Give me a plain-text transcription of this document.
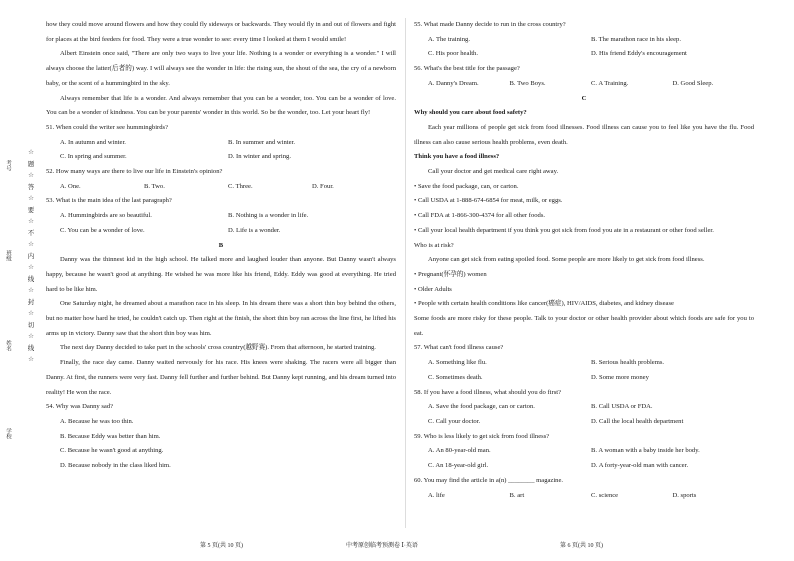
考号
班级
姓名
学校
☆
题
☆
答
☆
要
☆
不
☆
内
☆
线
☆
封
☆
切
☆
线
☆

how they could move around flowers and how they could fly sideways or backwards. They would fly in and out of flowers and fight for places at the bird feeders for food. They were a true wonder to see: every time I looked at them I would smile!

Albert Einstein once said, "There are only two ways to live your life. Nothing is a wonder or everything is a wonder." I will always choose the latter(后者的) way. I will always see the wonder in life: the rising sun, the shout of the sea, the cry of a newborn baby, or the scent of a hummingbird in the sky.

Always remember that life is a wonder. And always remember that you can be a wonder, too. You can be a wonder of love. You can be a wonder of kindness. You can be your parents' wonder in this world. So be the wonder, too. Let your heart fly!

51. When could the writer see hummingbirds?

A. In autumn and winter.	B. In summer and winter.
C. In spring and summer.	D. In winter and spring.

52. How many ways are there to live our life in Einstein's opinion?

A. One.	B. Two.	C. Three.	D. Four.

53. What is the main idea of the last paragraph?

A. Hummingbirds are so beautiful.	B. Nothing is a wonder in life.
C. You can be a wonder of love.	D. Life is a wonder.

B

Danny was the thinnest kid in the high school. He talked more and laughed louder than anyone. But Danny wasn't always happy, because he wasn't good at anything. He wished he was more like his friend, Eddy. Eddy was good at everything. He tried hard to be like him.

One Saturday night, he dreamed about a marathon race in his sleep. In his dream there was a short thin boy behind the others, but no matter how hard he tried, he couldn't catch up. Then right at the finish, the short thin boy ran across the line first, he lifted his arms up in victory. Danny saw that the short thin boy was him.

The next day Danny decided to take part in the schools' cross country(越野赛). From that afternoon, he started training.

Finally, the race day came. Danny waited nervously for his race. His knees were shaking. The racers were all bigger than Danny. At first, the runners were very fast. Danny fell further and further behind. But Danny kept running, and his dream turned into reality! He won the race.

54. Why was Danny sad?

A. Because he was too thin.
B. Because Eddy was better than him.
C. Because he wasn't good at anything.
D. Because nobody in the class liked him.

55. What made Danny decide to run in the cross country?

A. The training.	B. The marathon race in his sleep.
C. His poor health.	D. His friend Eddy's encouragement

56. What's the best title for the passage?

A. Danny's Dream.	B. Two Boys.	C. A Training.	D. Good Sleep.

C

Why should you care about food safety?

Each year millions of people get sick from food illnesses. Food illness can cause you to feel like you have the flu. Food illness can also cause serious health problems, even death.

Think you have a food illness?

Call your doctor and get medical care right away.

• Save the food package, can, or carton.

• Call USDA at 1-888-674-6854 for meat, milk, or eggs.

• Call FDA at 1-866-300-4374 for all other foods.

• Call your local health department if you think you got sick from food you ate in a restaurant or other food seller.

Who is at risk?

Anyone can get sick from eating spoiled food. Some people are more likely to get sick from food illness.

• Pregnant(怀孕的) women

• Older Adults

• People with certain health conditions like cancer(癌症), HIV/AIDS, diabetes, and kidney disease

Some foods are more risky for these people. Talk to your doctor or other health provider about which foods are safe for you to eat.

57. What can't food illness cause?

A. Something like flu.	B. Serious health problems.
C. Sometimes death.	D. Some more money

58. If you have a food illness, what should you do first?

A. Save the food package, can or carton.	B. Call USDA or FDA.
C. Call your doctor.	D. Call the local health department

59. Who is less likely to get sick from food illness?

A. An 80-year-old man.	B. A woman with a baby inside her body.
C. An 18-year-old girl.	D. A forty-year-old man with cancer.

60. You may find the article in a(n) ________ magazine.

A. life	B. art	C. science	D. sports
第 5 页(共 10 页)	中考原创临考预测卷 Ⅰ·英语	第 6 页(共 10 页)
